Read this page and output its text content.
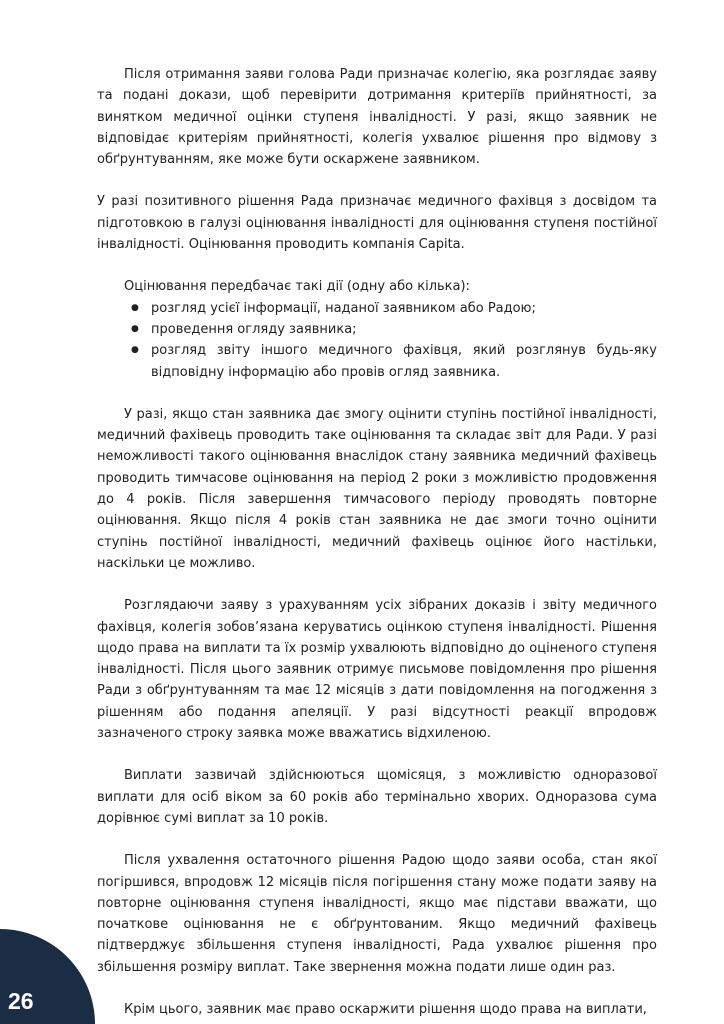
Після отримання заяви голова Ради призначає колегію, яка розглядає заяву та подані докази, щоб перевірити дотримання критеріїв прийнятності, за винятком медичної оцінки ступеня інвалідності. У разі, якщо заявник не відповідає критеріям прийнятності, колегія ухвалює рішення про відмову з обґрунтуванням, яке може бути оскаржене заявником.

У разі позитивного рішення Рада призначає медичного фахівця з досвідом та підготовкою в галузі оцінювання інвалідності для оцінювання ступеня постійної інвалідності. Оцінювання проводить компанія Capita.

Оцінювання передбачає такі дії (одну або кілька):

● розгляд усієї інформації, наданої заявником або Радою;
● проведення огляду заявника;
● розгляд звіту іншого медичного фахівця, який розглянув будь-яку відповідну інформацію або провів огляд заявника.

У разі, якщо стан заявника дає змогу оцінити ступінь постійної інвалідності, медичний фахівець проводить таке оцінювання та складає звіт для Ради. У разі неможливості такого оцінювання внаслідок стану заявника медичний фахівець проводить тимчасове оцінювання на період 2 роки з можливістю продовження до 4 років. Після завершення тимчасового періоду проводять повторне оцінювання. Якщо після 4 років стан заявника не дає змоги точно оцінити ступінь постійної інвалідності, медичний фахівець оцінює його настільки, наскільки це можливо.

Розглядаючи заяву з урахуванням усіх зібраних доказів і звіту медичного фахівця, колегія зобов’язана керуватись оцінкою ступеня інвалідності. Рішення щодо права на виплати та їх розмір ухвалюють відповідно до оціненого ступеня інвалідності. Після цього заявник отримує письмове повідомлення про рішення Ради з обґрунтуванням та має 12 місяців з дати повідомлення на погодження з рішенням або подання апеляції. У разі відсутності реакції впродовж зазначеного строку заявка може вважатись відхиленою.

Виплати зазвичай здійснюються щомісяця, з можливістю одноразової виплати для осіб віком за 60 років або термінально хворих. Одноразова сума дорівнює сумі виплат за 10 років.

Після ухвалення остаточного рішення Радою щодо заяви особа, стан якої погіршився, впродовж 12 місяців після погіршення стану може подати заяву на повторне оцінювання ступеня інвалідності, якщо має підстави вважати, що початкове оцінювання не є обґрунтованим. Якщо медичний фахівець підтверджує збільшення ступеня інвалідності, Рада ухвалює рішення про збільшення розміру виплат. Таке звернення можна подати лише один раз.

Крім цього, заявник має право оскаржити рішення щодо права на виплати,

26
